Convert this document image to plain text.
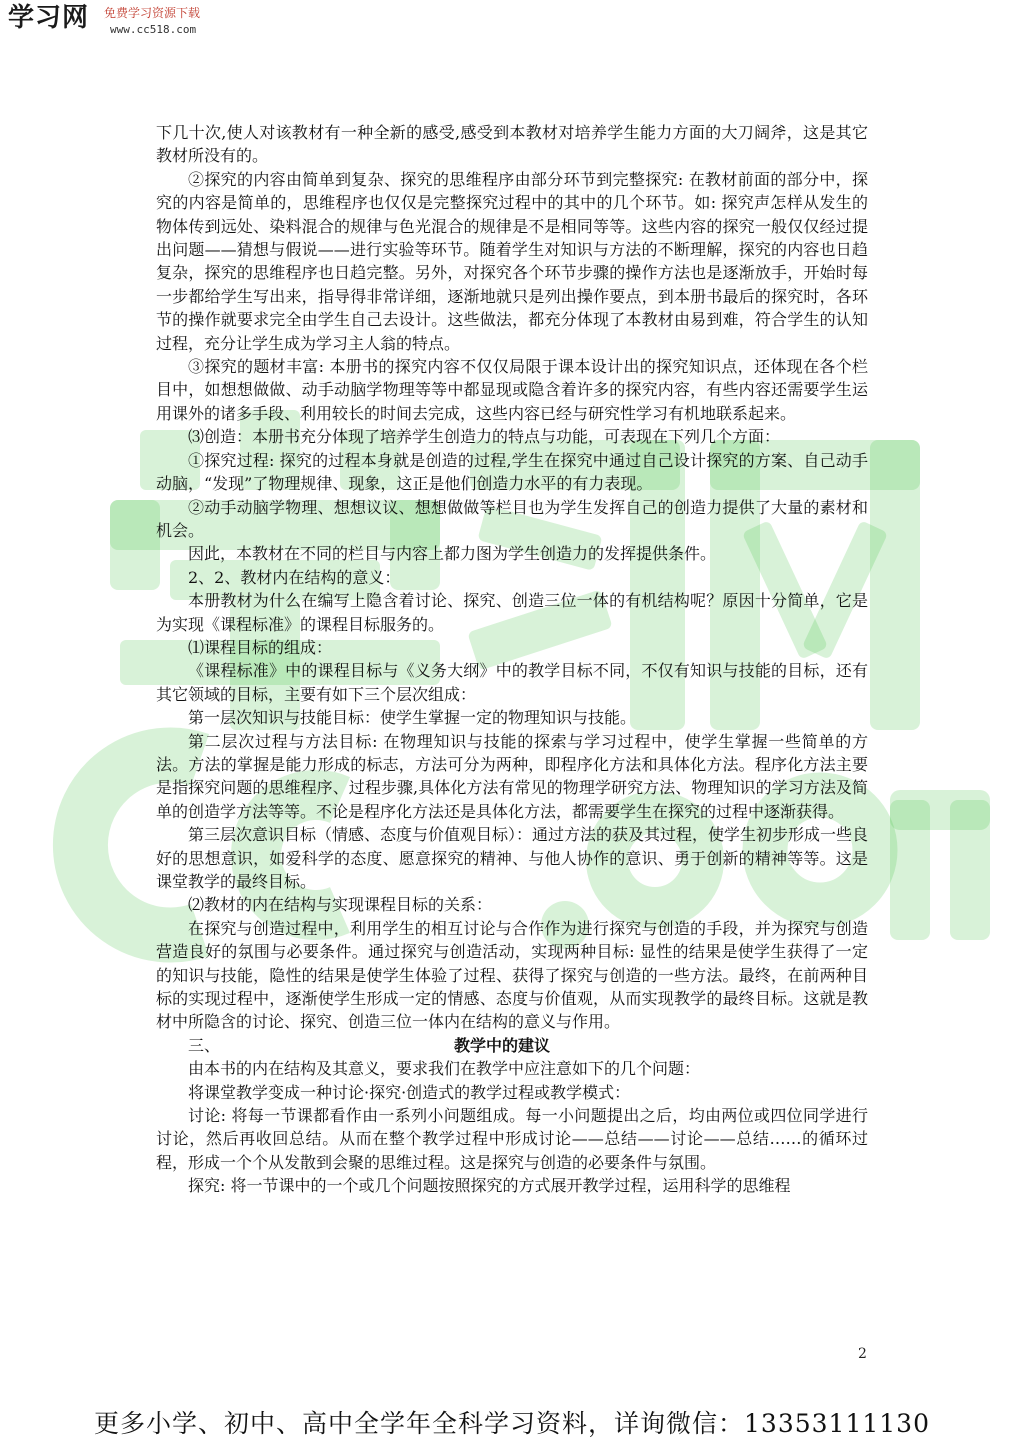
学习网 免费学习资源下载
www.cc518.com

下几十次,使人对该教材有一种全新的感受,感受到本教材对培养学生能力方面的大刀阔斧，这是其它教材所没有的。

②探究的内容由简单到复杂、探究的思维程序由部分环节到完整探究: 在教材前面的部分中，探究的内容是简单的，思维程序也仅仅是完整探究过程中的其中的几个环节。如: 探究声怎样从发生的物体传到远处、染料混合的规律与色光混合的规律是不是相同等等。这些内容的探究一般仅仅经过提出问题——猜想与假说——进行实验等环节。随着学生对知识与方法的不断理解，探究的内容也日趋复杂，探究的思维程序也日趋完整。另外，对探究各个环节步骤的操作方法也是逐渐放手，开始时每一步都给学生写出来，指导得非常详细，逐渐地就只是列出操作要点，到本册书最后的探究时，各环节的操作就要求完全由学生自己去设计。这些做法，都充分体现了本教材由易到难，符合学生的认知过程，充分让学生成为学习主人翁的特点。

③探究的题材丰富: 本册书的探究内容不仅仅局限于课本设计出的探究知识点，还体现在各个栏目中，如想想做做、动手动脑学物理等等中都显现或隐含着许多的探究内容，有些内容还需要学生运用课外的诸多手段、利用较长的时间去完成，这些内容已经与研究性学习有机地联系起来。

⑶创造：本册书充分体现了培养学生创造力的特点与功能，可表现在下列几个方面：

①探究过程: 探究的过程本身就是创造的过程,学生在探究中通过自己设计探究的方案、自己动手动脑，“发现”了物理规律、现象，这正是他们创造力水平的有力表现。

②动手动脑学物理、想想议议、想想做做等栏目也为学生发挥自己的创造力提供了大量的素材和机会。

因此，本教材在不同的栏目与内容上都力图为学生创造力的发挥提供条件。

2、2、教材内在结构的意义：

本册教材为什么在编写上隐含着讨论、探究、创造三位一体的有机结构呢？原因十分简单，它是为实现《课程标准》的课程目标服务的。

⑴课程目标的组成：

《课程标准》中的课程目标与《义务大纲》中的教学目标不同，不仅有知识与技能的目标，还有其它领域的目标，主要有如下三个层次组成：

第一层次知识与技能目标：使学生掌握一定的物理知识与技能。

第二层次过程与方法目标: 在物理知识与技能的探索与学习过程中，使学生掌握一些简单的方法。方法的掌握是能力形成的标志，方法可分为两种，即程序化方法和具体化方法。程序化方法主要是指探究问题的思维程序、过程步骤,具体化方法有常见的物理学研究方法、物理知识的学习方法及简单的创造学方法等等。不论是程序化方法还是具体化方法，都需要学生在探究的过程中逐渐获得。

第三层次意识目标（情感、态度与价值观目标）：通过方法的获及其过程，使学生初步形成一些良好的思想意识，如爱科学的态度、愿意探究的精神、与他人协作的意识、勇于创新的精神等等。这是课堂教学的最终目标。

⑵教材的内在结构与实现课程目标的关系：

在探究与创造过程中，利用学生的相互讨论与合作作为进行探究与创造的手段，并为探究与创造营造良好的氛围与必要条件。通过探究与创造活动，实现两种目标: 显性的结果是使学生获得了一定的知识与技能，隐性的结果是使学生体验了过程、获得了探究与创造的一些方法。最终，在前两种目标的实现过程中，逐渐使学生形成一定的情感、态度与价值观，从而实现教学的最终目标。这就是教材中所隐含的讨论、探究、创造三位一体内在结构的意义与作用。

三、	教学中的建议

由本书的内在结构及其意义，要求我们在教学中应注意如下的几个问题：

将课堂教学变成一种讨论·探究·创造式的教学过程或教学模式：

讨论: 将每一节课都看作由一系列小问题组成。每一小问题提出之后，均由两位或四位同学进行讨论，然后再收回总结。从而在整个教学过程中形成讨论——总结——讨论——总结……的循环过程，形成一个个从发散到会聚的思维过程。这是探究与创造的必要条件与氛围。

探究: 将一节课中的一个或几个问题按照探究的方式展开教学过程，运用科学的思维程

2
更多小学、初中、高中全学年全科学习资料，详询微信：13353111130
